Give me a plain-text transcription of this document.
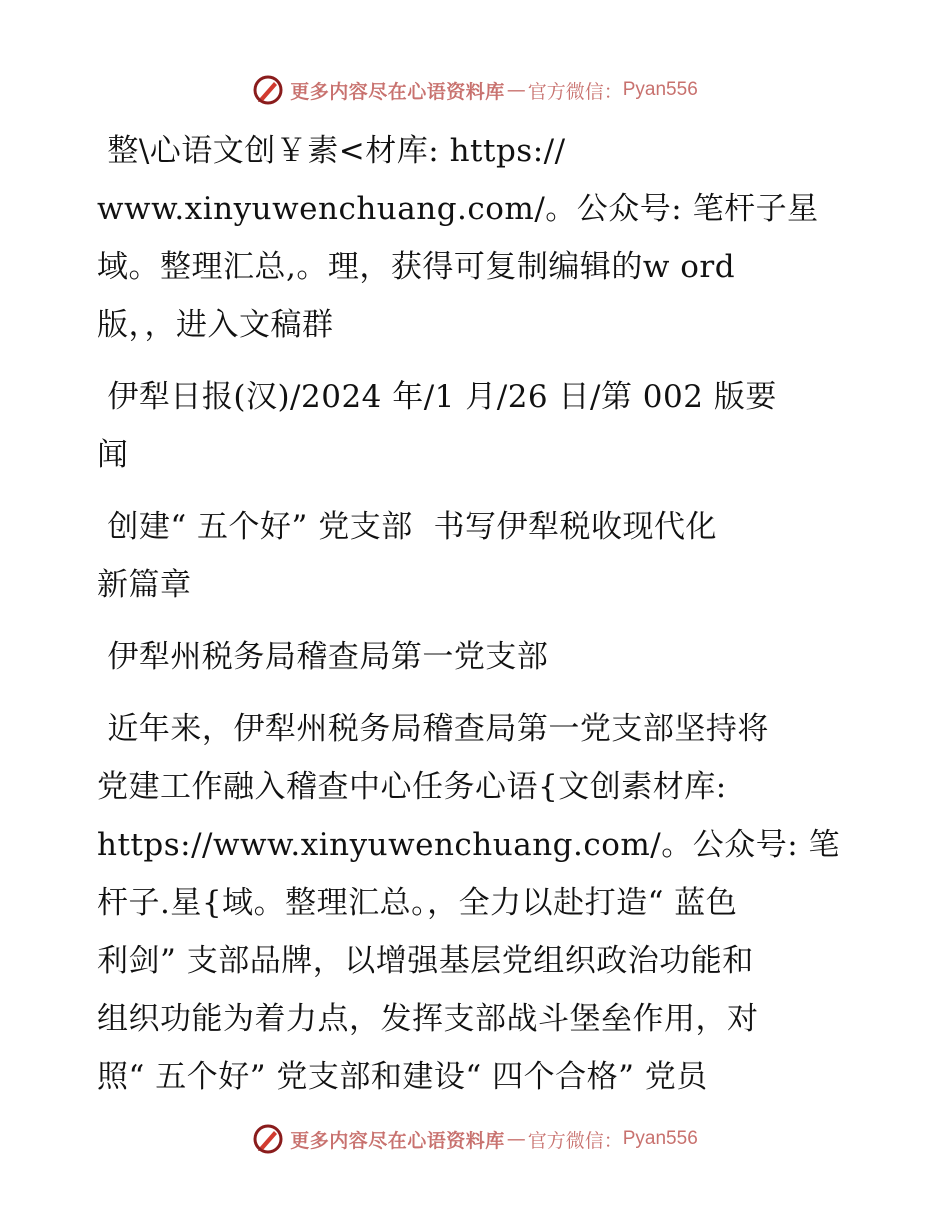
更多内容尽在心语资料库 — 官方微信： Pyan556

整\心语文创￥素<材库: https://
www.xinyuwenchuang.com/。公众号: 笔杆子星
域。整理汇总,。理，获得可复制编辑的w ord
版，，进入文稿群

伊犁日报(汉)/2024 年/1 月/26 日/第 002 版要
闻

创建“ 五个好” 党支部  书写伊犁税收现代化
新篇章

伊犁州税务局稽查局第一党支部

近年来，伊犁州税务局稽查局第一党支部坚持将
党建工作融入稽查中心任务心语{文创素材库:
https://www.xinyuwenchuang.com/。公众号: 笔
杆子.星{域。整理汇总。，全力以赴打造“ 蓝色
利剑” 支部品牌，以增强基层党组织政治功能和
组织功能为着力点，发挥支部战斗堡垒作用，对
照“ 五个好” 党支部和建设“ 四个合格” 党员

更多内容尽在心语资料库 — 官方微信： Pyan556
